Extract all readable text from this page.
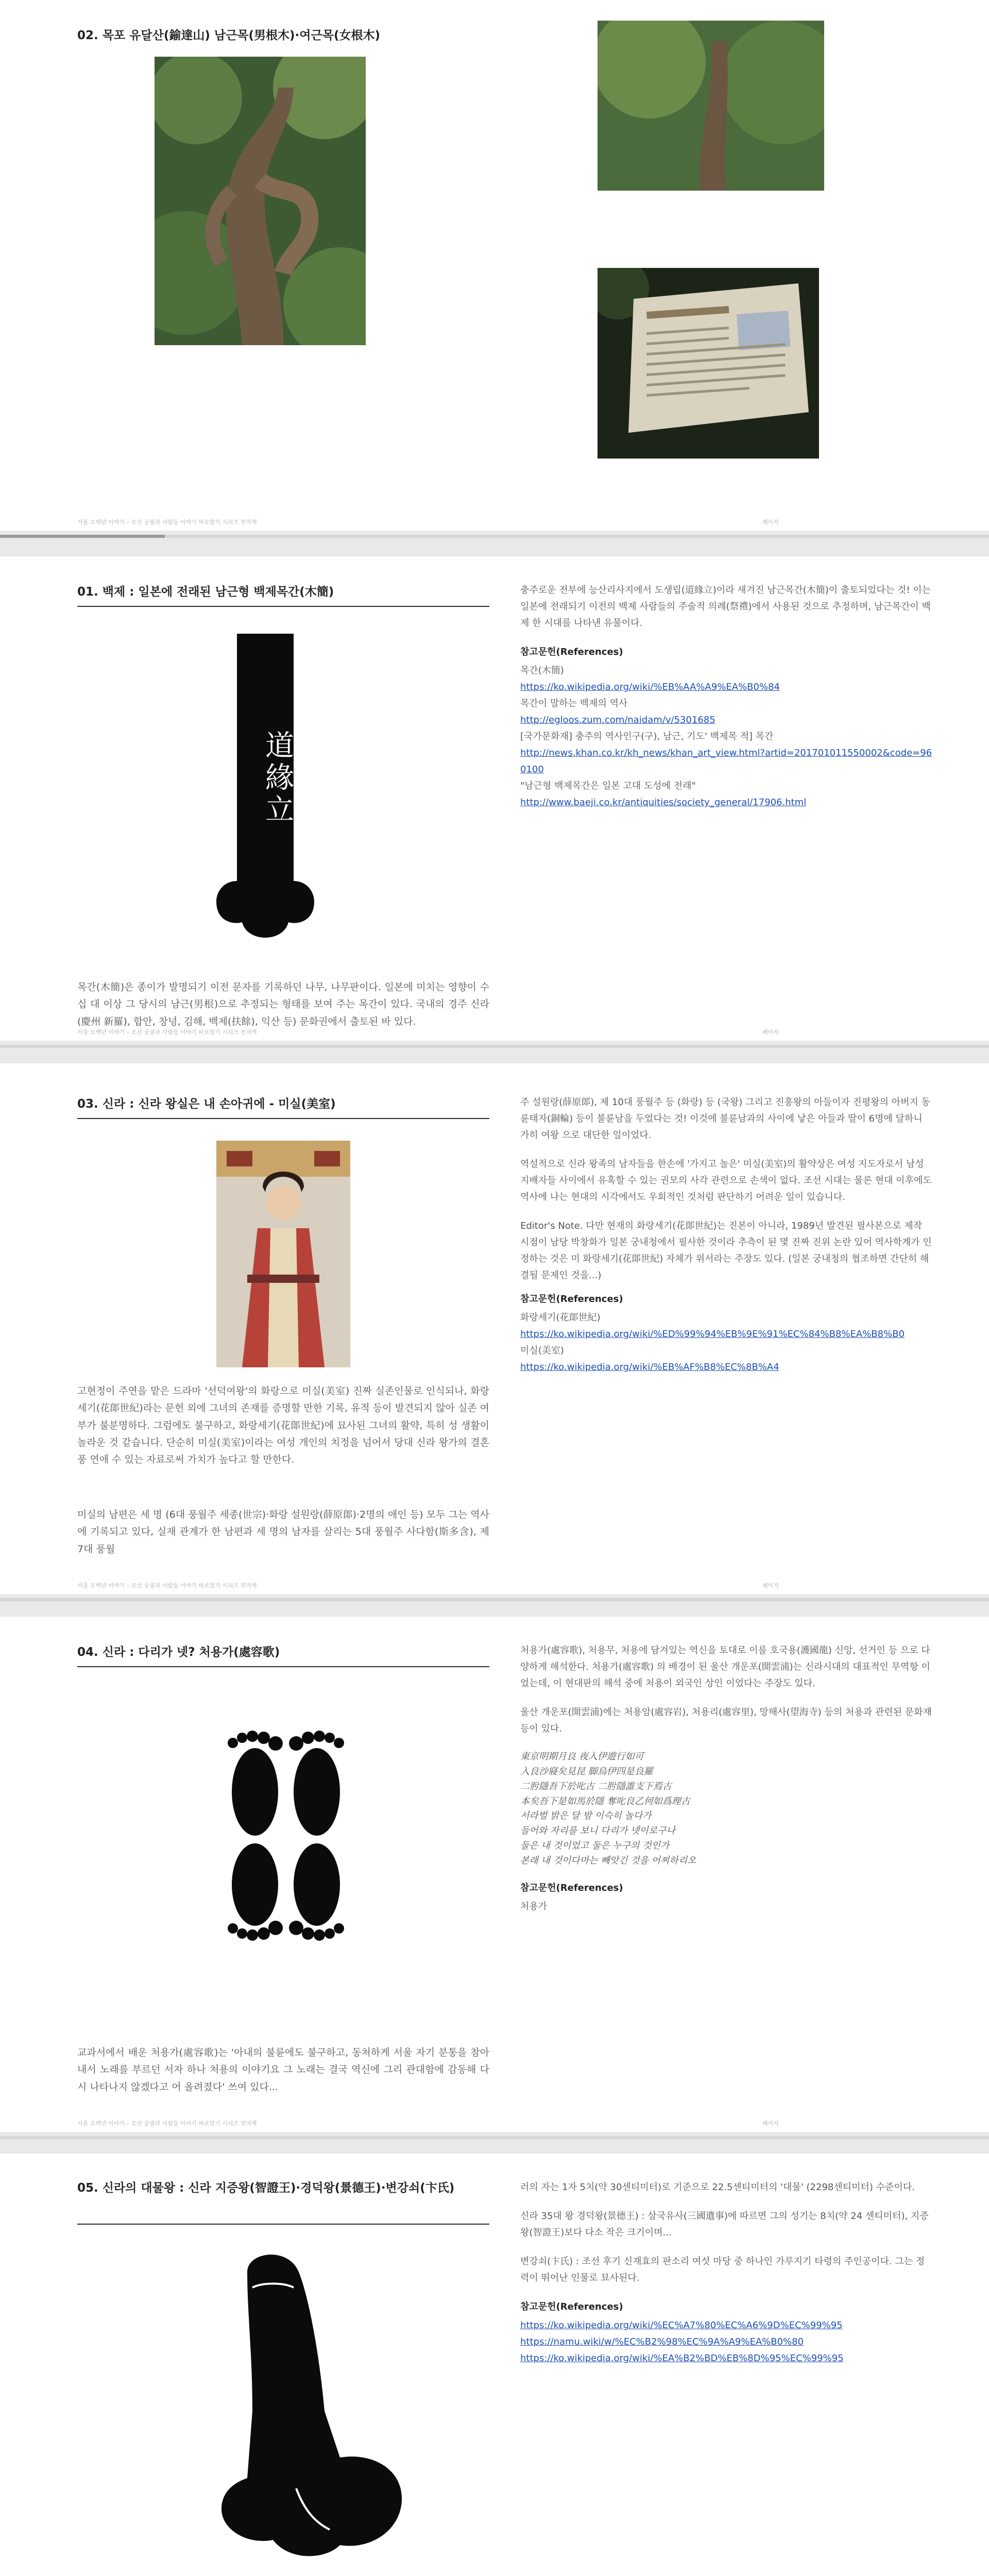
02. 목포 유달산(鍮達山) 남근목(男根木)·여근목(女根木)
서울 오백년 이야기 – 조선 궁궐과 사람들 이야기 바로알기 시리즈 전자책	페이지
01. 백제 : 일본에 전래된 남근형 백제목간(木簡)
道緣立
목간(木簡)은 종이가 발명되기 이전 문자를 기록하던 나무, 나무판이다. 일본에 미치는 영향이 수십 대 이상 그 당시의 남근(男根)으로 추정되는 형태를 보여 주는 목간이 있다. 국내의 경주 신라(慶州 新羅), 합안, 창녕, 김해, 백제(扶餘), 익산 등) 문화권에서 출토된 바 있다.

충주로운 전부에 능산리사지에서 도생립(道緣立)이라 새겨진 남근목간(木簡)이 출토되었다는 것! 이는 일본에 전래되기 이전의 백제 사람들의 주술적 의례(祭禮)에서 사용된 것으로 추정하며, 남근목간이 백제 한 시대를 나타낸 유물이다.

참고문헌(References)
목간(木簡)
https://ko.wikipedia.org/wiki/%EB%AA%A9%EA%B0%84
목간이 말하는 백제의 역사
http://egloos.zum.com/naidam/v/5301685
[국가문화재] 충주의 역사인구(구), 남근, 기도' 백제목 적] 목간
http://news.khan.co.kr/kh_news/khan_art_view.html?artid=201701011550002&code=960100
"남근형 백제목간은 일본 고대 도성에 전래"
http://www.baeji.co.kr/antiquities/society_general/17906.html
서울 오백년 이야기 – 조선 궁궐과 사람들 이야기 바로알기 시리즈 전자책	페이지
03. 신라 : 신라 왕실은 내 손아귀에 - 미실(美室)
고현정이 주연을 맡은 드라마 '선덕여왕'의 화랑으로 미실(美室) 진짜 실존인물로 인식되나, 화랑세기(花郞世紀)라는 문헌 외에 그녀의 존재를 증명할 만한 기록, 유적 등이 발견되지 않아 실존 여부가 불분명하다. 그럼에도 불구하고, 화랑세기(花郞世紀)에 묘사된 그녀의 활약, 특히 성 생활이 놀라운 것 같습니다. 단순히 미실(美室)이라는 여성 개인의 치정을 넘어서 당대 신라 왕가의 결혼풍 연애 수 있는 자료로써 가치가 높다고 할 만한다.
미실의 남편은 세 명 (6대 풍월주 세종(世宗)·화랑 설원랑(薛原郞)·2명의 애인 등) 모두 그는 역사에 기록되고 있다, 실재 관계가 한 남편과 세 명의 남자를 살리는 5대 풍월주 사다함(斯多含), 제 7대 풍월

주 설원랑(薛原郞), 제 10대 풍월주 등 (화랑) 등 (국왕) 그리고 진흥왕의 아들이자 진평왕의 아버지 동륜태자(銅輪) 등이 불륜남을 두었다는 것! 이것에 불륜남과의 사이에 낳은 아들과 딸이 6명에 달하니 가히 여왕 으로 대단한 일이었다.

역설적으로 신라 왕족의 남자들을 한손에 '가지고 놀은' 미실(美室)의 활약상은 여성 지도자로서 남성 지배자들 사이에서 유혹할 수 있는 권모의 사각 관련으로 손색이 없다. 조선 시대는 물론 현대 이후에도 역사에 나는 현대의 시각에서도 우회적인 것처럼 판단하기 어려운 일이 있습니다.

Editor's Note. 다만 현재의 화랑세기(花郞世紀)는 진본이 아니라, 1989년 발견된 필사본으로 제작 시점이 남당 박창화가 일본 궁내청에서 필사한 것이라 추측이 된 몇 진짜 진위 논란 있어 역사학계가 인정하는 것은 미 화랑세기(花郞世紀) 자체가 위서라는 주장도 있다. (일본 궁내청의 협조하면 간단히 해결될 문제인 것을...)
참고문헌(References)
화랑세기(花郞世紀)
https://ko.wikipedia.org/wiki/%ED%99%94%EB%9E%91%EC%84%B8%EA%B8%B0
미실(美室)
https://ko.wikipedia.org/wiki/%EB%AF%B8%EC%8B%A4
서울 오백년 이야기 – 조선 궁궐과 사람들 이야기 바로알기 시리즈 전자책	페이지
04. 신라 : 다리가 넷? 처용가(處容歌)
교과서에서 배운 처용가(處容歌)는 '아내의 불륜에도 불구하고, 동처하게 서울 자기 분통을 참아내서 노래를 부르던 서자 하나 처용의 이야기요 그 노래는 결국 역신에 그리 관대함에 감동해 다시 나타나지 않겠다고 어 올려졌다' 쓰여 있다...

처용가(處容歌), 처용무, 처용에 담겨있는 역신을 토대로 이를 호국용(護國龍) 신앙, 선거인 등 으로 다양하게 해석한다. 처용가(處容歌) 의 배경이 된 울산 개운포(開雲浦)는 신라시대의 대표적인 무역항 이었는데, 이 현대판의 해석 중에 처용이 외국인 상인 이었다는 주장도 있다.

울산 개운포(開雲浦)에는 처용암(處容岩), 처용리(處容里), 망해사(望海寺) 등의 처용과 관련된 문화재 등이 있다.

東京明期月良 夜入伊遊行如可
入良沙寢矣見昆 脚烏伊四是良羅
二肹隱吾下於叱古 二肹隱誰支下焉古
本矣吾下是如馬於隱 奪叱良乙何如爲理古
서라벌 밝은 달 밤 이슥히 놀다가
들어와 자리를 보니 다리가 넷이로구나
둘은 내 것이었고 둘은 누구의 것인가
본래 내 것이다마는 빼앗긴 것을 어찌하리오
참고문헌(References)
처용가
서울 오백년 이야기 – 조선 궁궐과 사람들 이야기 바로알기 시리즈 전자책	페이지
05. 신라의 대물왕 : 신라 지증왕(智證王)·경덕왕(景德王)·변강쇠(卞氏)	러의 자는 1자 5치(약 30센티미터)로 기준으로 22.5센티미터의 '대물' (2298센티미터) 수준이다.

신라 35대 왕 경덕왕(景德王) : 삼국유사(三國遺事)에 따르면 그의 성기는 8치(약 24 센티미터), 지증왕(智證王)보다 다소 작은 크기이며...

변강쇠(卞氏) : 조선 후기 신재효의 판소리 여섯 마당 중 하나인 가루지기 타령의 주인공이다. 그는 정력이 뛰어난 인물로 묘사된다.

참고문헌(References)
https://ko.wikipedia.org/wiki/%EC%A7%80%EC%A6%9D%EC%99%95
https://namu.wiki/w/%EC%B2%98%EC%9A%A9%EA%B0%80
https://ko.wikipedia.org/wiki/%EA%B2%BD%EB%8D%95%EC%99%95
